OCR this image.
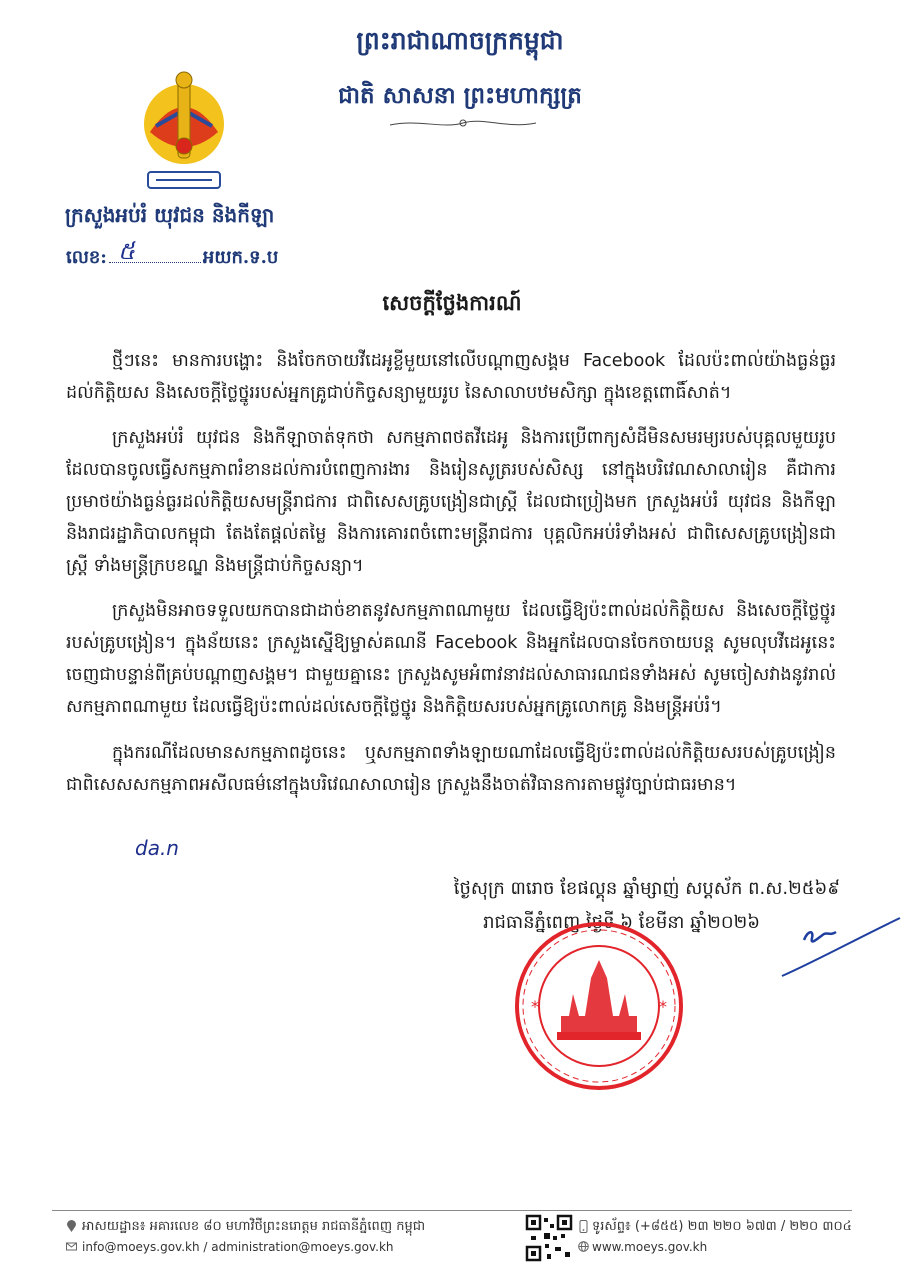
ព្រះរាជាណាចក្រកម្ពុជា
ជាតិ សាសនា ព្រះមហាក្សត្រ
ក្រសួងអប់រំ យុវជន និងកីឡា
លេខ:	អយក.ទ.ប
៥
សេចក្តីថ្លែងការណ៍

ថ្មីៗនេះ មានការបង្ហោះ និងចែកចាយវីដេអូខ្លីមួយនៅលើបណ្តាញសង្គម Facebook ដែលប៉ះពាល់យ៉ាងធ្ងន់ធ្ងរដល់កិត្តិយស និងសេចក្តីថ្លៃថ្នូររបស់អ្នកគ្រូជាប់កិច្ចសន្យាមួយរូប នៃសាលាបឋមសិក្សា ក្នុងខេត្តពោធិ៍សាត់។

ក្រសួងអប់រំ យុវជន និងកីឡាចាត់ទុកថា សកម្មភាពថតវីដេអូ និងការប្រើពាក្យសំដីមិនសមរម្យរបស់បុគ្គលមួយរូប ដែលបានចូលធ្វើសកម្មភាពរំខានដល់ការបំពេញការងារ និងរៀនសូត្ររបស់សិស្ស នៅក្នុងបរិវេណសាលារៀន គឺជាការប្រមាថយ៉ាងធ្ងន់ធ្ងរដល់កិត្តិយសមន្ត្រីរាជការ ជាពិសេសគ្រូបង្រៀនជាស្ត្រី ដែលជាប្រៀងមក ក្រសួងអប់រំ យុវជន និងកីឡា និងរាជរដ្ឋាភិបាលកម្ពុជា តែងតែផ្តល់តម្លៃ និងការគោរពចំពោះមន្ត្រីរាជការ បុគ្គលិកអប់រំទាំងអស់ ជាពិសេសគ្រូបង្រៀនជាស្ត្រី ទាំងមន្ត្រីក្របខណ្ឌ និងមន្ត្រីជាប់កិច្ចសន្យា។

ក្រសួងមិនអាចទទួលយកបានជាដាច់ខាតនូវសកម្មភាពណាមួយ ដែលធ្វើឱ្យប៉ះពាល់ដល់កិត្តិយស និងសេចក្តីថ្លៃថ្នូររបស់គ្រូបង្រៀន។ ក្នុងន័យនេះ ក្រសួងស្នើឱ្យម្ចាស់គណនី Facebook និងអ្នកដែលបានចែកចាយបន្ត សូមលុបវីដេអូនេះចេញជាបន្ទាន់ពីគ្រប់បណ្តាញសង្គម។ ជាមួយគ្នានេះ ក្រសួងសូមអំពាវនាវដល់សាធារណជនទាំងអស់ សូមចៀសវាងនូវរាល់សកម្មភាពណាមួយ ដែលធ្វើឱ្យប៉ះពាល់ដល់សេចក្តីថ្លៃថ្នូរ និងកិត្តិយសរបស់អ្នកគ្រូលោកគ្រូ និងមន្ត្រីអប់រំ។

ក្នុងករណីដែលមានសកម្មភាពដូចនេះ ឬសកម្មភាពទាំងឡាយណាដែលធ្វើឱ្យប៉ះពាល់ដល់កិត្តិយសរបស់គ្រូបង្រៀន ជាពិសេសសកម្មភាពអសីលធម៌នៅក្នុងបរិវេណសាលារៀន ក្រសួងនឹងចាត់វិធានការតាមផ្លូវច្បាប់ជាធរមាន។

da.n
ថ្ងៃសុក្រ ៣រោច ខែផល្គុន ឆ្នាំម្សាញ់ សប្តស័ក ព.ស.២៥៦៩
រាជធានីភ្នំពេញ ថ្ងៃទី ៦ ខែមីនា ឆ្នាំ២០២៦
*	*
អាសយដ្ឋាន៖ អគារលេខ ៨០ មហាវិថីព្រះនរោត្តម រាជធានីភ្នំពេញ កម្ពុជា
info@moeys.gov.kh / administration@moeys.gov.kh
ទូរស័ព្ទ៖ (+៨៥៥) ២៣ ២២០ ៦៧៣ / ២២០ ៣០៤
www.moeys.gov.kh
